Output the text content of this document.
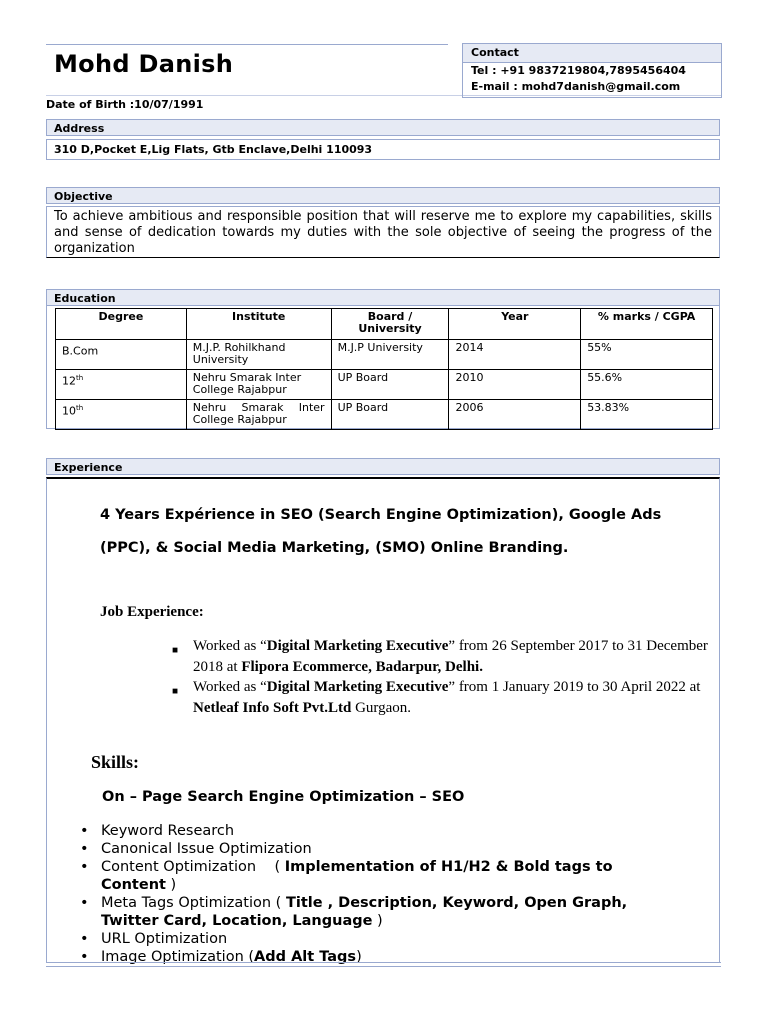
Mohd Danish
Date of Birth :10/07/1991
Contact
Tel : +91 9837219804,7895456404
E-mail : mohd7danish@gmail.com
Address
310 D,Pocket E,Lig Flats, Gtb Enclave,Delhi 110093
Objective
To achieve ambitious and responsible position that will reserve me to explore my capabilities, skills and sense of dedication towards my duties with the sole objective of seeing the progress of the organization
Education
Degree	Institute	Board / University	Year	% marks / CGPA
B.Com	M.J.P. Rohilkhand University	M.J.P University	2014	55%
12th	Nehru Smarak Inter College Rajabpur	UP Board	2010	55.6%
10th	Nehru Smarak Inter College Rajabpur	UP Board	2006	53.83%
Experience
4 Years Expérience in SEO (Search Engine Optimization), Google Ads
(PPC), & Social Media Marketing, (SMO) Online Branding.
Job Experience:
■ Worked as “Digital Marketing Executive” from 26 September 2017 to 31 December 2018 at Flipora Ecommerce, Badarpur, Delhi.
■ Worked as “Digital Marketing Executive” from 1 January 2019 to 30 April 2022 at Netleaf Info Soft Pvt.Ltd Gurgaon.
Skills:
On – Page Search Engine Optimization – SEO
• Keyword Research
• Canonical Issue Optimization
• Content Optimization    ( Implementation of H1/H2 & Bold tags to Content )
• Meta Tags Optimization ( Title , Description, Keyword, Open Graph, Twitter Card, Location, Language )
• URL Optimization
• Image Optimization (Add Alt Tags)
